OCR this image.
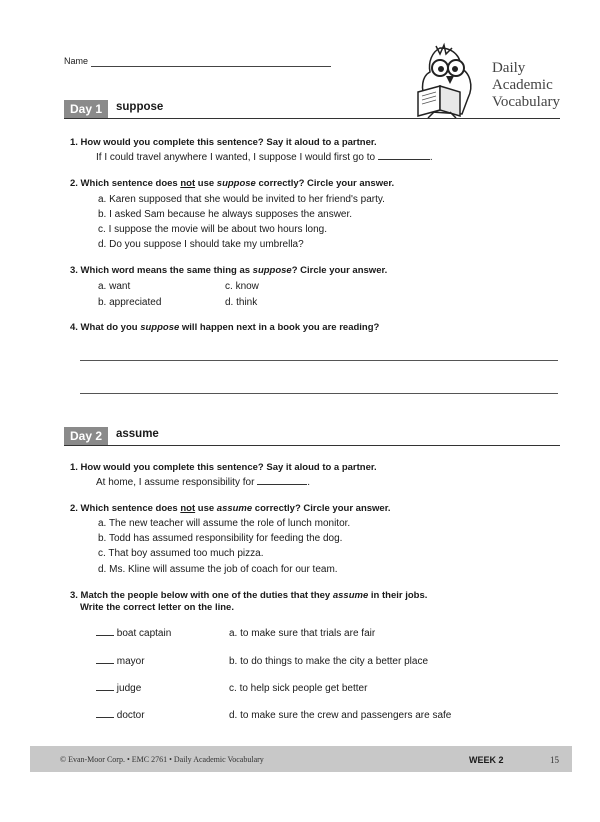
Name	Daily
Academic
Vocabulary
Day 1	suppose
1. How would you complete this sentence? Say it aloud to a partner.
If I could travel anywhere I wanted, I suppose I would first go to	.
2. Which sentence does not use suppose correctly? Circle your answer.
a. Karen supposed that she would be invited to her friend's party.
b. I asked Sam because he always supposes the answer.
c. I suppose the movie will be about two hours long.
d. Do you suppose I should take my umbrella?
3. Which word means the same thing as suppose? Circle your answer.
a. want	c. know
b. appreciated	d. think
4. What do you suppose will happen next in a book you are reading?
Day 2	assume
1. How would you complete this sentence? Say it aloud to a partner.
At home, I assume responsibility for	.
2. Which sentence does not use assume correctly? Circle your answer.
a. The new teacher will assume the role of lunch monitor.
b. Todd has assumed responsibility for feeding the dog.
c. That boy assumed too much pizza.
d. Ms. Kline will assume the job of coach for our team.
3. Match the people below with one of the duties that they assume in their jobs.
Write the correct letter on the line.
boat captain	a. to make sure that trials are fair
mayor	b. to do things to make the city a better place
judge	c. to help sick people get better
doctor	d. to make sure the crew and passengers are safe
© Evan-Moor Corp. • EMC 2761 • Daily Academic Vocabulary	WEEK 2	15
